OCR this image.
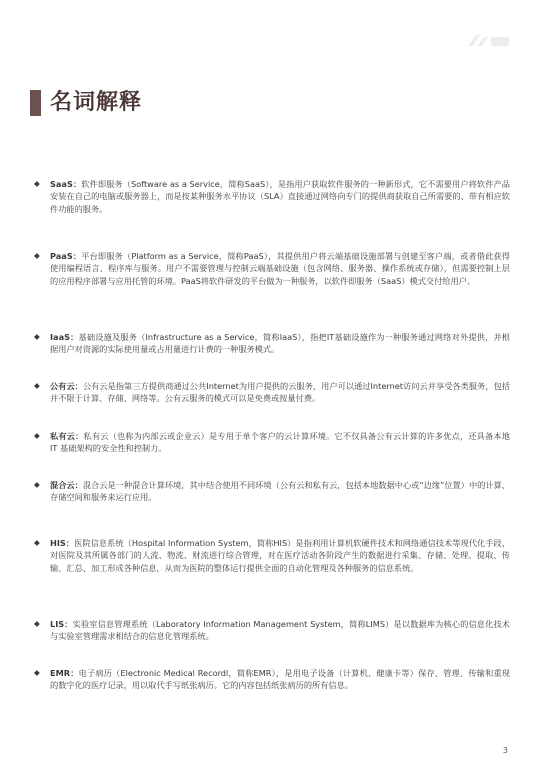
名词解释
◆ SaaS：软件即服务（Software as a Service，简称SaaS），是指用户获取软件服务的一种新形式，它不需要用户将软件产品安装在自己的电脑或服务器上，而是按某种服务水平协议（SLA）直接通过网络向专门的提供商获取自己所需要的、带有相应软件功能的服务。
◆ PaaS：平台即服务（Platform as a Service，简称PaaS），其提供用户将云端基础设施部署与创建至客户端，或者借此获得使用编程语言、程序库与服务。用户不需要管理与控制云端基础设施（包含网络、服务器、操作系统或存储），但需要控制上层的应用程序部署与应用托管的环境。PaaS将软件研发的平台做为一种服务，以软件即服务（SaaS）模式交付给用户。
◆ IaaS：基础设施及服务（Infrastructure as a Service，简称IaaS），指把IT基础设施作为一种服务通过网络对外提供，并根据用户对资源的实际使用量或占用量进行计费的一种服务模式。
◆ 公有云：公有云是指第三方提供商通过公共Internet为用户提供的云服务，用户可以通过Internet访问云并享受各类服务，包括并不限于计算、存储、网络等。公有云服务的模式可以是免费或按量付费。
◆ 私有云：私有云（也称为内部云或企业云）是专用于单个客户的云计算环境。它不仅具备公有云计算的许多优点，还具备本地 IT 基础架构的安全性和控制力。
◆ 混合云：混合云是一种混合计算环境，其中结合使用不同环境（公有云和私有云，包括本地数据中心或“边缘”位置）中的计算、存储空间和服务来运行应用。
◆ HIS：医院信息系统（Hospital Information System，简称HIS）是指利用计算机软硬件技术和网络通信技术等现代化手段，对医院及其所属各部门的人流、物流、财流进行综合管理，对在医疗活动各阶段产生的数据进行采集、存储、处理、提取、传输、汇总、加工形成各种信息，从而为医院的整体运行提供全面的自动化管理及各种服务的信息系统。
◆ LIS：实验室信息管理系统（Laboratory Information Management System，简称LIMS）是以数据库为核心的信息化技术与实验室管理需求相结合的信息化管理系统。
◆ EMR：电子病历（Electronic Medical Recordl，简称EMR），是用电子设备（计算机、健康卡等）保存、管理、传输和重现的数字化的医疗记录，用以取代手写纸张病历。它的内容包括纸张病历的所有信息。
3
